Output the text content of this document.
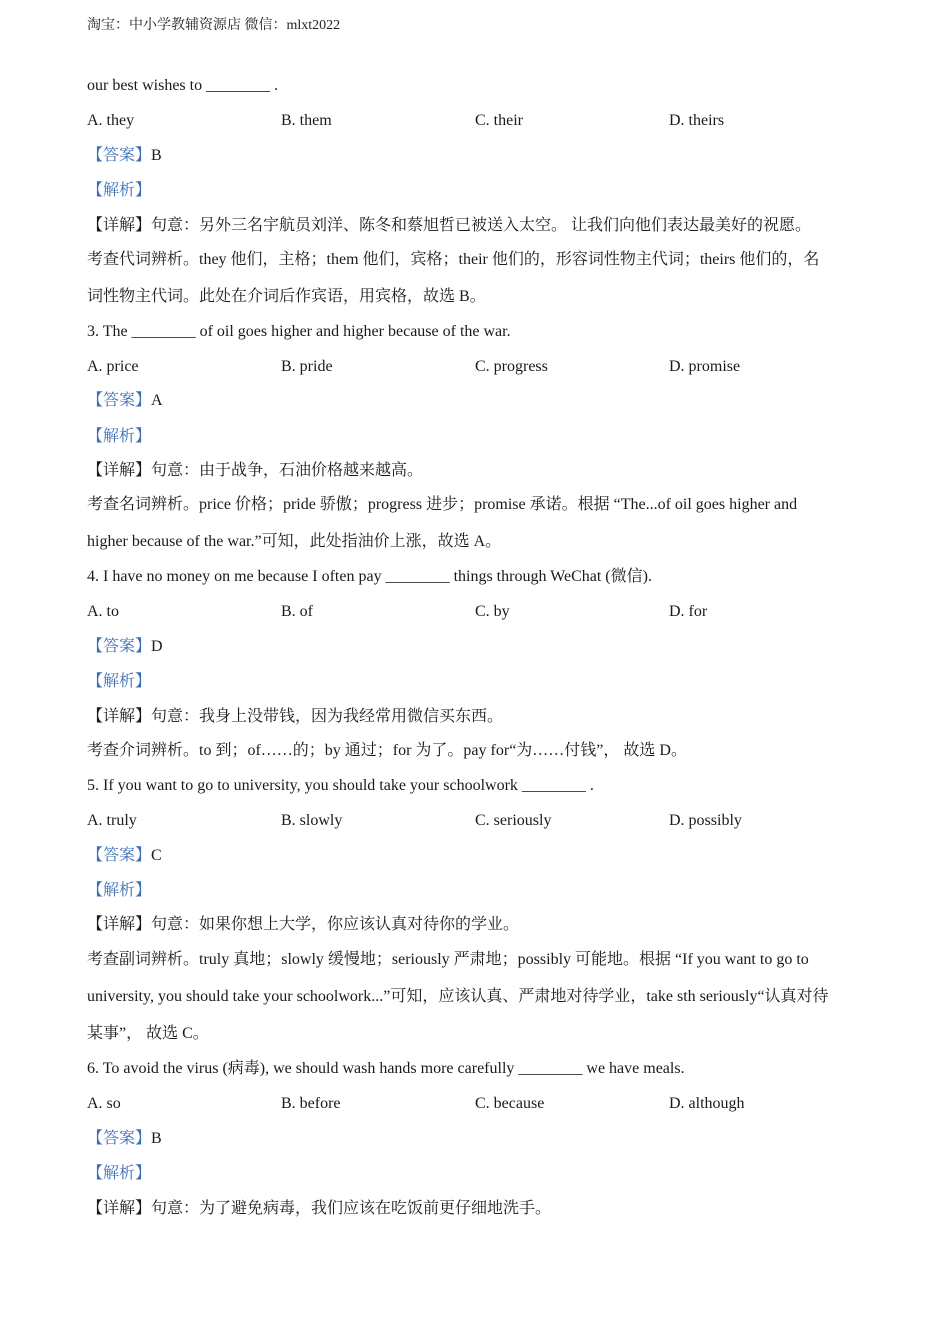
淘宝：中小学教辅资源店 微信：mlxt2022
our best wishes to ________ .
A. they	B. them	C. their	D. theirs
【答案】B
【解析】
【详解】句意：另外三名宇航员刘洋、陈冬和蔡旭哲已被送入太空。 让我们向他们表达最美好的祝愿。
考查代词辨析。they 他们，主格；them 他们，宾格；their 他们的，形容词性物主代词；theirs 他们的，名
词性物主代词。此处在介词后作宾语，用宾格，故选 B。
3. The ________ of oil goes higher and higher because of the war.
A. price	B. pride	C. progress	D. promise
【答案】A
【解析】
【详解】句意：由于战争，石油价格越来越高。
考查名词辨析。price 价格；pride 骄傲；progress 进步；promise 承诺。根据 “The...of oil goes higher and
higher because of the war.”可知，此处指油价上涨，故选 A。
4. I have no money on me because I often pay ________ things through WeChat (微信).
A. to	B. of	C. by	D. for
【答案】D
【解析】
【详解】句意：我身上没带钱，因为我经常用微信买东西。
考查介词辨析。to 到；of……的；by 通过；for 为了。pay for“为……付钱”， 故选 D。
5. If you want to go to university, you should take your schoolwork ________ .
A. truly	B. slowly	C. seriously	D. possibly
【答案】C
【解析】
【详解】句意：如果你想上大学，你应该认真对待你的学业。
考查副词辨析。truly 真地；slowly 缓慢地；seriously 严肃地；possibly 可能地。根据 “If you want to go to
university, you should take your schoolwork...”可知，应该认真、严肃地对待学业，take sth seriously“认真对待
某事”， 故选 C。
6. To avoid the virus (病毒), we should wash hands more carefully ________ we have meals.
A. so	B. before	C. because	D. although
【答案】B
【解析】
【详解】句意：为了避免病毒，我们应该在吃饭前更仔细地洗手。
